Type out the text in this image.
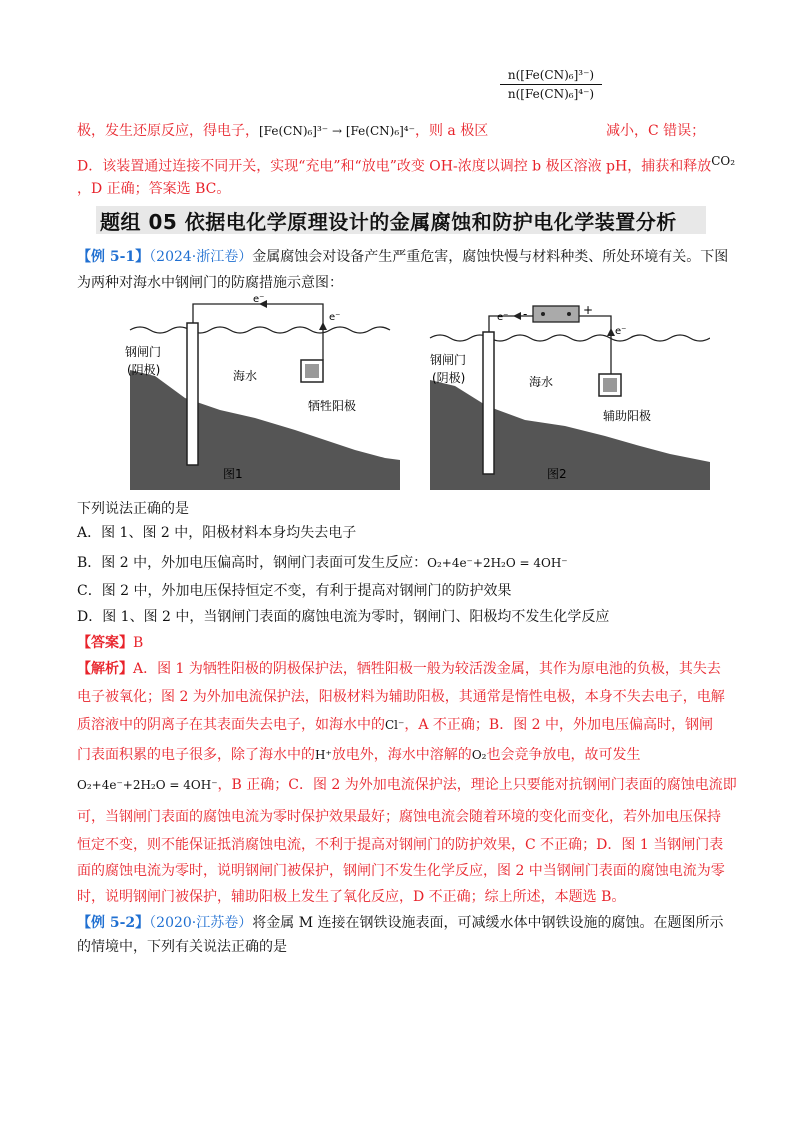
n([Fe(CN)₆]³⁻)
n([Fe(CN)₆]⁴⁻)
极，发生还原反应，得电子，[Fe(CN)₆]³⁻ → [Fe(CN)₆]⁴⁻，则 a 极区	减小，C 错误；
D．该装置通过连接不同开关，实现“充电”和“放电”改变 OH-浓度以调控 b 极区溶液 pH，捕获和释放$^{CO_2}$
，D 正确；答案选 BC。
题组 05 依据电化学原理设计的金属腐蚀和防护电化学装置分析
【例 5-1】（2024·浙江卷）金属腐蚀会对设备产生严重危害，腐蚀快慢与材料种类、所处环境有关。下图
为两种对海水中钢闸门的防腐措施示意图：
e⁻
e⁻
钢闸门
(阴极)	海水
牺牲阳极
图1
e⁻ -	+
e⁻
钢闸门
(阴极)	海水
辅助阳极
图2
下列说法正确的是
A．图 1、图 2 中，阳极材料本身均失去电子
B．图 2 中，外加电压偏高时，钢闸门表面可发生反应：O₂+4e⁻+2H₂O = 4OH⁻
C．图 2 中，外加电压保持恒定不变，有利于提高对钢闸门的防护效果
D．图 1、图 2 中，当钢闸门表面的腐蚀电流为零时，钢闸门、阳极均不发生化学反应
【答案】B
【解析】A．图 1 为牺牲阳极的阴极保护法，牺牲阳极一般为较活泼金属，其作为原电池的负极，其失去
电子被氧化；图 2 为外加电流保护法，阳极材料为辅助阳极，其通常是惰性电极，本身不失去电子，电解
质溶液中的阴离子在其表面失去电子，如海水中的Cl⁻，A 不正确；B．图 2 中，外加电压偏高时，钢闸
门表面积累的电子很多，除了海水中的H⁺放电外，海水中溶解的O₂也会竞争放电，故可发生
O₂+4e⁻+2H₂O = 4OH⁻，B 正确；C．图 2 为外加电流保护法，理论上只要能对抗钢闸门表面的腐蚀电流即
可，当钢闸门表面的腐蚀电流为零时保护效果最好；腐蚀电流会随着环境的变化而变化，若外加电压保持
恒定不变，则不能保证抵消腐蚀电流，不利于提高对钢闸门的防护效果，C 不正确；D．图 1 当钢闸门表
面的腐蚀电流为零时，说明钢闸门被保护，钢闸门不发生化学反应，图 2 中当钢闸门表面的腐蚀电流为零
时，说明钢闸门被保护，辅助阳极上发生了氧化反应，D 不正确；综上所述，本题选 B。
【例 5-2】（2020·江苏卷）将金属 M 连接在钢铁设施表面，可减缓水体中钢铁设施的腐蚀。在题图所示
的情境中，下列有关说法正确的是
